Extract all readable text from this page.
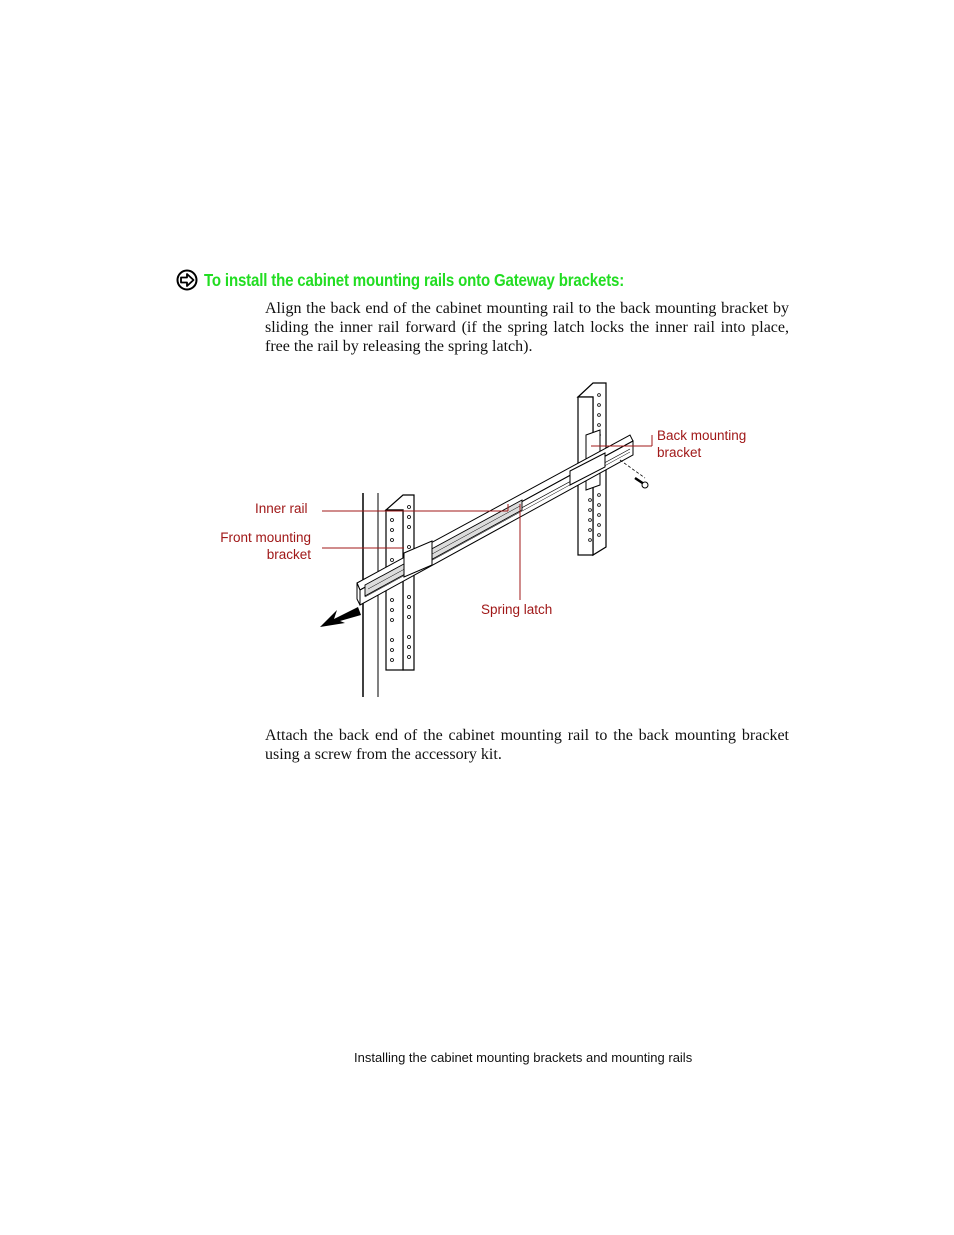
To install the cabinet mounting rails onto Gateway brackets:

Align the back end of the cabinet mounting rail to the back mounting bracket by sliding the inner rail forward (if the spring latch locks the inner rail into place, free the rail by releasing the spring latch).

Back mounting
bracket
Inner rail
Front mounting
bracket
Spring latch

Attach the back end of the cabinet mounting rail to the back mounting bracket using a screw from the accessory kit.

Installing the cabinet mounting brackets and mounting rails
